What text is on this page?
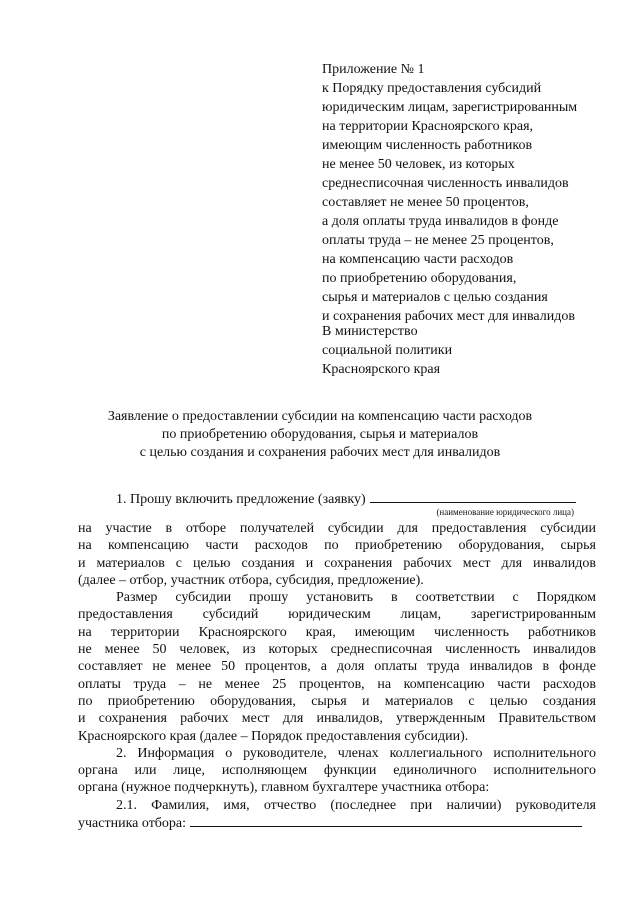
Приложение № 1
к Порядку предоставления субсидий
юридическим лицам, зарегистрированным
на территории Красноярского края,
имеющим численность работников
не менее 50 человек, из которых
среднесписочная численность инвалидов
составляет не менее 50 процентов,
а доля оплаты труда инвалидов в фонде
оплаты труда – не менее 25 процентов,
на компенсацию части расходов
по приобретению оборудования,
сырья и материалов с целью создания
и сохранения рабочих мест для инвалидов
В министерство
социальной политики
Красноярского края
Заявление о предоставлении субсидии на компенсацию части расходов
по приобретению оборудования, сырья и материалов
с целью создания и сохранения рабочих мест для инвалидов
1. Прошу включить предложение (заявку)
(наименование юридического лица)
на участие в отборе получателей субсидии для предоставления субсидии
на компенсацию части расходов по приобретению оборудования, сырья
и материалов с целью создания и сохранения рабочих мест для инвалидов
(далее – отбор, участник отбора, субсидия, предложение).
Размер субсидии прошу установить в соответствии с Порядком
предоставления субсидий юридическим лицам, зарегистрированным
на территории Красноярского края, имеющим численность работников
не менее 50 человек, из которых среднесписочная численность инвалидов
составляет не менее 50 процентов, а доля оплаты труда инвалидов в фонде
оплаты труда – не менее 25 процентов, на компенсацию части расходов
по приобретению оборудования, сырья и материалов с целью создания
и сохранения рабочих мест для инвалидов, утвержденным Правительством
Красноярского края (далее – Порядок предоставления субсидии).
2. Информация о руководителе, членах коллегиального исполнительного
органа или лице, исполняющем функции единоличного исполнительного
органа (нужное подчеркнуть), главном бухгалтере участника отбора:
2.1. Фамилия, имя, отчество (последнее при наличии) руководителя
участника отбора:
